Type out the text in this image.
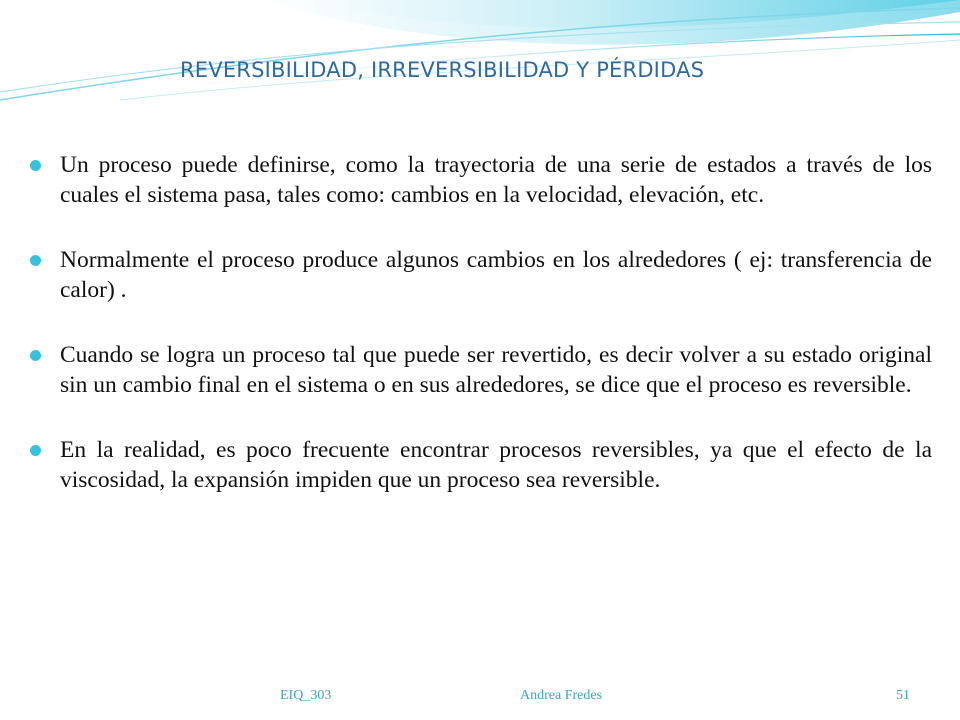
REVERSIBILIDAD, IRREVERSIBILIDAD Y PÉRDIDAS
Un proceso puede definirse, como la trayectoria de una serie de estados a través de los cuales el sistema pasa, tales como: cambios en la velocidad, elevación, etc.
Normalmente el proceso produce algunos cambios en los alrededores ( ej: transferencia de calor) .
Cuando se logra un proceso tal que puede ser revertido, es decir volver a su estado original sin un cambio final en el sistema o en sus alrededores, se dice que el proceso es reversible.
En la realidad, es poco frecuente encontrar procesos reversibles, ya que el efecto de la viscosidad, la expansión impiden que un proceso sea reversible.
EIQ_303	Andrea Fredes	51
